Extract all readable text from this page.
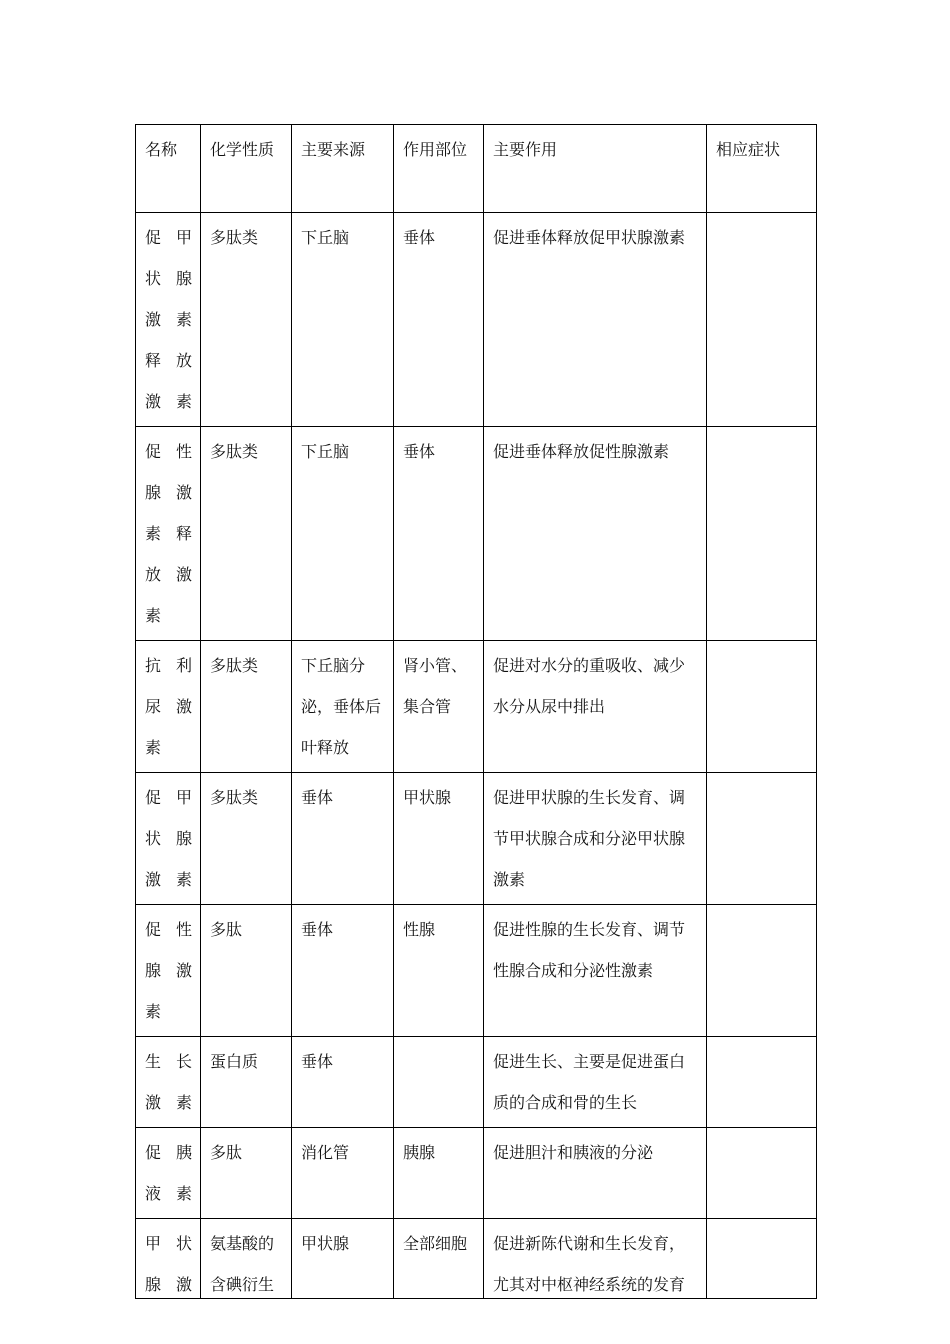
名称	化学性质	主要来源	作用部位	主要作用	相应症状

促甲
状腺
激素
释放
激素	多肽类	下丘脑	垂体	促进垂体释放促甲状腺激素	

促性
腺激
素释
放激
素	多肽类	下丘脑	垂体	促进垂体释放促性腺激素	

抗利
尿激
素	多肽类	下丘脑分泌，垂体后叶释放	肾小管、集合管	促进对水分的重吸收、减少水分从尿中排出	

促甲
状腺
激素	多肽类	垂体	甲状腺	促进甲状腺的生长发育、调节甲状腺合成和分泌甲状腺激素	

促性
腺激
素	多肽	垂体	性腺	促进性腺的生长发育、调节性腺合成和分泌性激素	

生长
激素	蛋白质	垂体		促进生长、主要是促进蛋白质的合成和骨的生长	

促胰
液素	多肽	消化管	胰腺	促进胆汁和胰液的分泌	

甲状
腺激	氨基酸的含碘衍生	甲状腺	全部细胞	促进新陈代谢和生长发育，尤其对中枢神经系统的发育	
